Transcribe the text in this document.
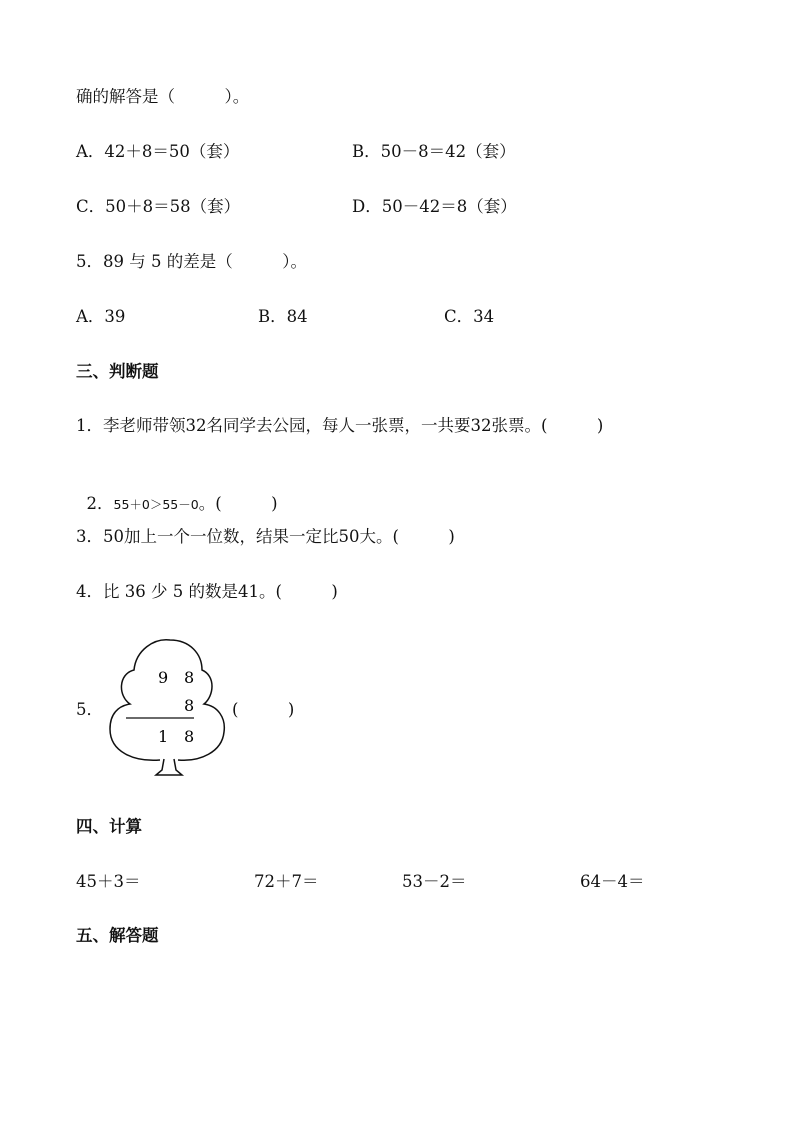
确的解答是（　　　）。
A．42＋8＝50（套）	B．50－8＝42（套）
C．50＋8＝58（套）	D．50－42＝8（套）
5．89 与 5 的差是（　　　）。
A．39	B．84	C．34
三、判断题
1．李老师带领32名同学去公园，每人一张票，一共要32张票。(　　　)

2．55＋0＞55－0。(　　　)

3．50加上一个一位数，结果一定比50大。(　　　)
4．比 36 少 5 的数是41。(　　　)
5．
9 8
8
1 8
(　　　)
四、计算
45＋3＝	72＋7＝	53－2＝	64－4＝
五、解答题
